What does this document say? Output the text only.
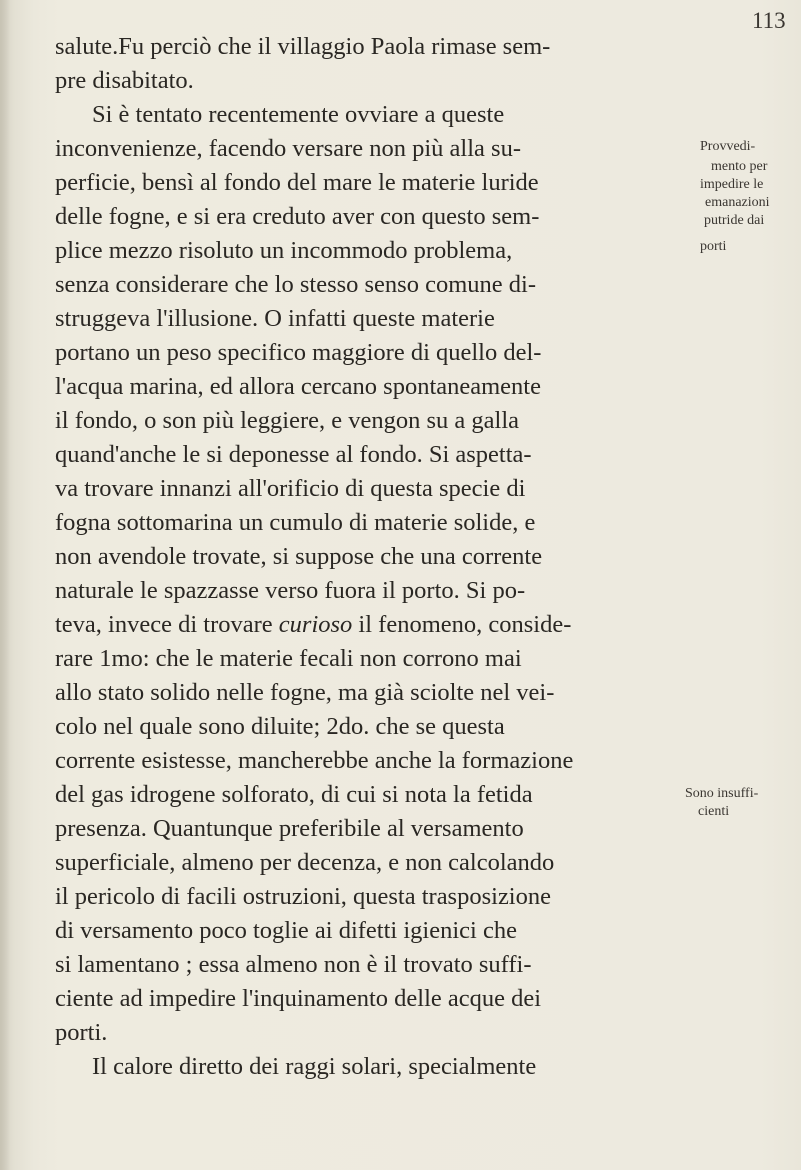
113
salute.Fu perciò che il villaggio Paola rimase sem-
pre disabitato.
Si è tentato recentemente ovviare a queste
inconvenienze, facendo versare non più alla su-
perficie, bensì al fondo del mare le materie luride
delle fogne, e si era creduto aver con questo sem-
plice mezzo risoluto un incommodo problema,
senza considerare che lo stesso senso comune di-
struggeva l'illusione. O infatti queste materie
portano un peso specifico maggiore di quello del-
l'acqua marina, ed allora cercano spontaneamente
il fondo, o son più leggiere, e vengon su a galla
quand'anche le si deponesse al fondo. Si aspetta-
va trovare innanzi all'orificio di questa specie di
fogna sottomarina un cumulo di materie solide, e
non avendole trovate, si suppose che una corrente
naturale le spazzasse verso fuora il porto. Si po-
teva, invece di trovare curioso il fenomeno, conside-
rare 1mo: che le materie fecali non corrono mai
allo stato solido nelle fogne, ma già sciolte nel vei-
colo nel quale sono diluite; 2do. che se questa
corrente esistesse, mancherebbe anche la formazione
del gas idrogene solforato, di cui si nota la fetida
presenza. Quantunque preferibile al versamento
superficiale, almeno per decenza, e non calcolando
il pericolo di facili ostruzioni, questa trasposizione
di versamento poco toglie ai difetti igienici che
si lamentano ; essa almeno non è il trovato suffi-
ciente ad impedire l'inquinamento delle acque dei
porti.
Il calore diretto dei raggi solari, specialmente
Provvedi-
mento per
impedire le
emanazioni
putride dai
porti
Sono insuffi-
cienti
